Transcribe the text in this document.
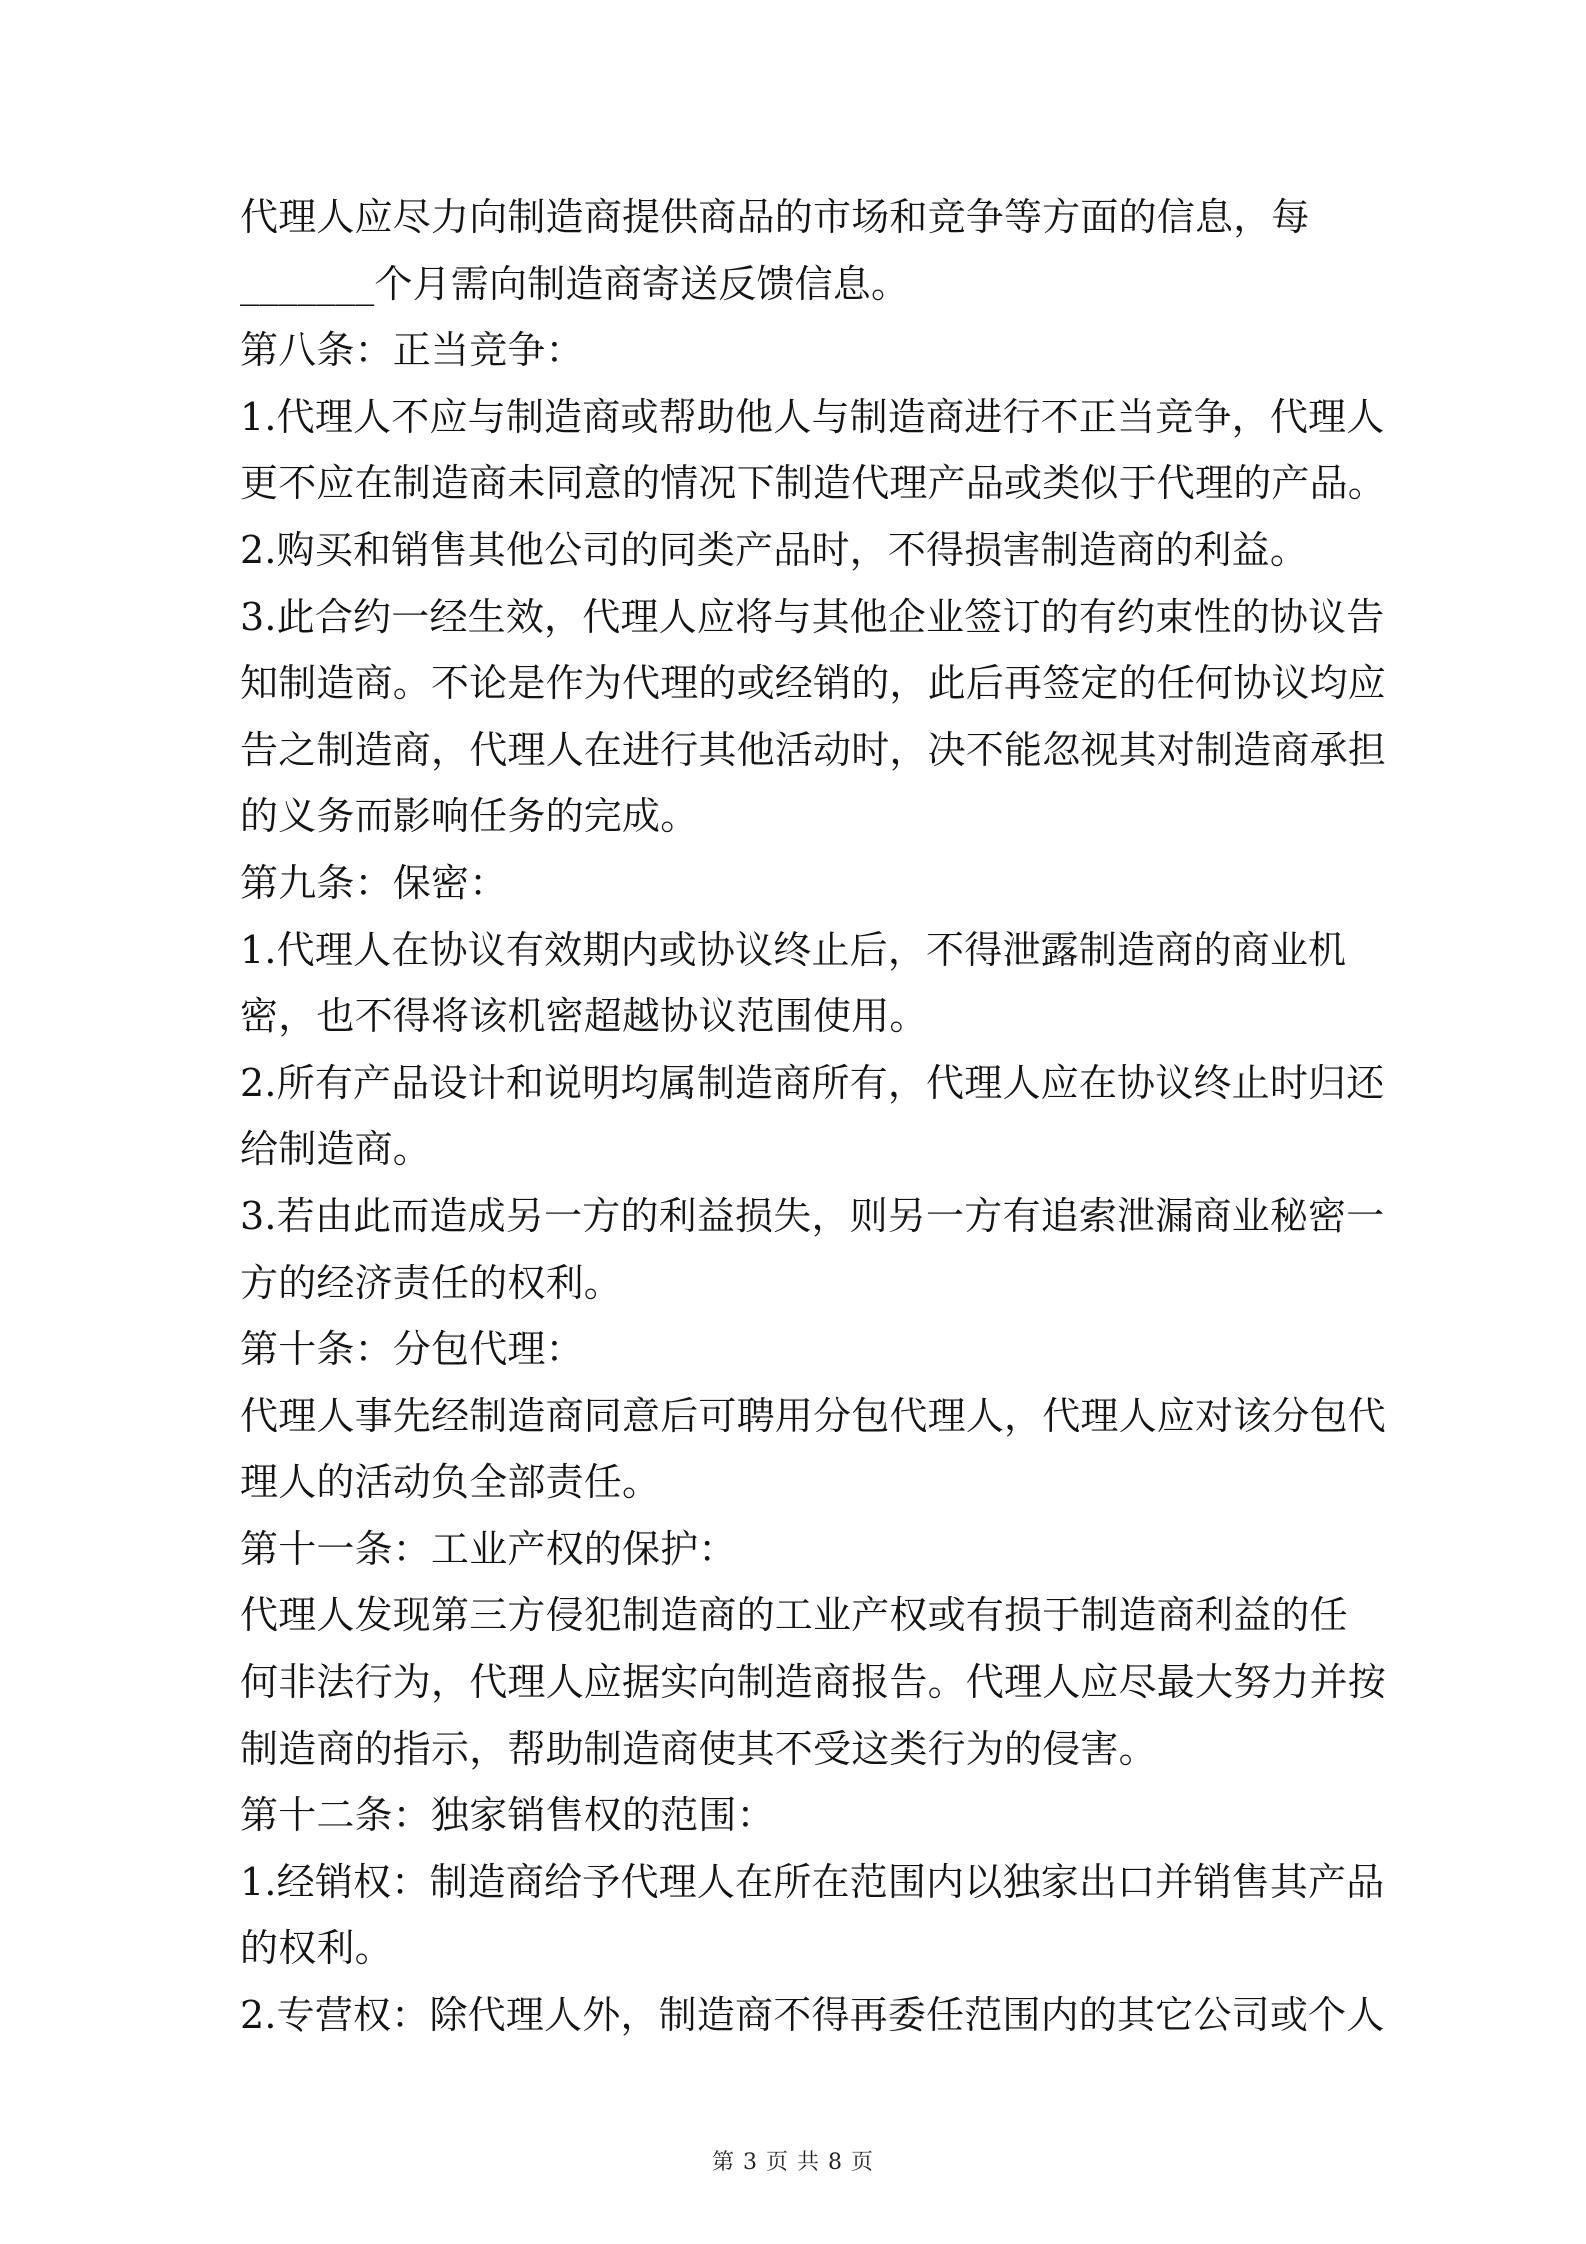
代理人应尽力向制造商提供商品的市场和竞争等方面的信息，每
_______个月需向制造商寄送反馈信息。
第八条：正当竞争：
1.代理人不应与制造商或帮助他人与制造商进行不正当竞争，代理人
更不应在制造商未同意的情况下制造代理产品或类似于代理的产品。
2.购买和销售其他公司的同类产品时，不得损害制造商的利益。
3.此合约一经生效，代理人应将与其他企业签订的有约束性的协议告
知制造商。不论是作为代理的或经销的，此后再签定的任何协议均应
告之制造商，代理人在进行其他活动时，决不能忽视其对制造商承担
的义务而影响任务的完成。
第九条：保密：
1.代理人在协议有效期内或协议终止后，不得泄露制造商的商业机
密，也不得将该机密超越协议范围使用。
2.所有产品设计和说明均属制造商所有，代理人应在协议终止时归还
给制造商。
3.若由此而造成另一方的利益损失，则另一方有追索泄漏商业秘密一
方的经济责任的权利。
第十条：分包代理：
代理人事先经制造商同意后可聘用分包代理人，代理人应对该分包代
理人的活动负全部责任。
第十一条：工业产权的保护：
代理人发现第三方侵犯制造商的工业产权或有损于制造商利益的任
何非法行为，代理人应据实向制造商报告。代理人应尽最大努力并按
制造商的指示，帮助制造商使其不受这类行为的侵害。
第十二条：独家销售权的范围：
1.经销权：制造商给予代理人在所在范围内以独家出口并销售其产品
的权利。
2.专营权：除代理人外，制造商不得再委任范围内的其它公司或个人
第 3 页 共 8 页
